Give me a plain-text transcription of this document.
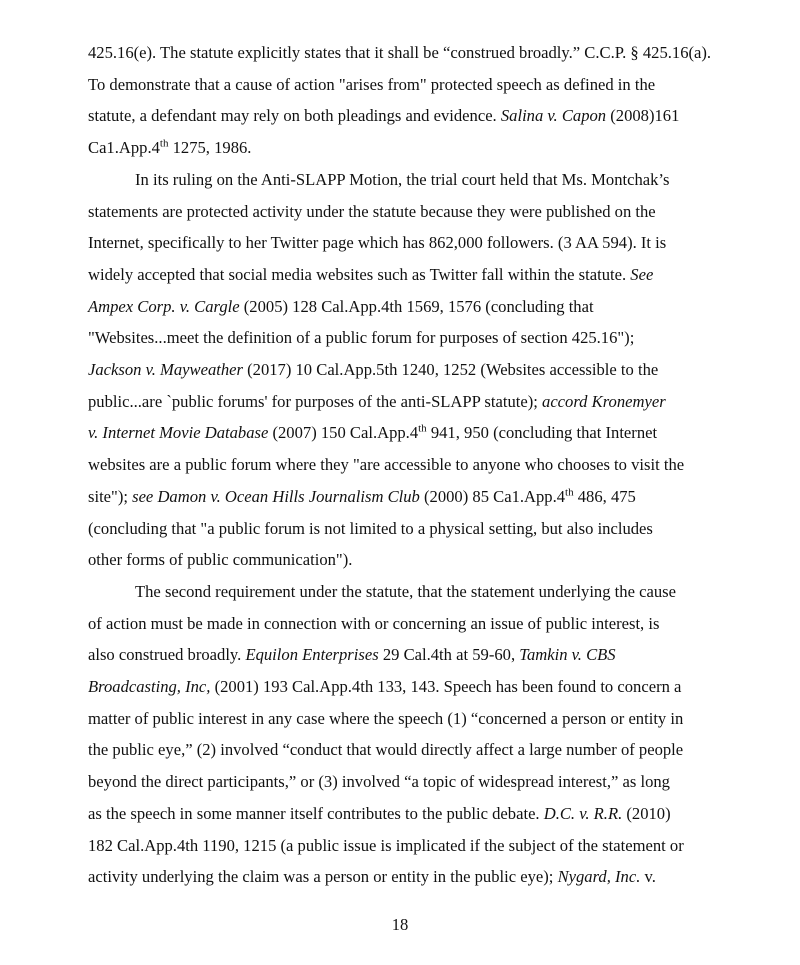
425.16(e). The statute explicitly states that it shall be “construed broadly.” C.C.P. § 425.16(a).
To demonstrate that a cause of action "arises from" protected speech as defined in the
statute, a defendant may rely on both pleadings and evidence. Salina v. Capon (2008)161
Ca1.App.4th 1275, 1986.
In its ruling on the Anti-SLAPP Motion, the trial court held that Ms. Montchak’s
statements are protected activity under the statute because they were published on the
Internet, specifically to her Twitter page which has 862,000 followers. (3 AA 594). It is
widely accepted that social media websites such as Twitter fall within the statute. See
Ampex Corp. v. Cargle (2005) 128 Cal.App.4th 1569, 1576 (concluding that
"Websites...meet the definition of a public forum for purposes of section 425.16");
Jackson v. Mayweather (2017) 10 Cal.App.5th 1240, 1252 (Websites accessible to the
public...are `public forums' for purposes of the anti-SLAPP statute); accord Kronemyer
v. Internet Movie Database (2007) 150 Cal.App.4th 941, 950 (concluding that Internet
websites are a public forum where they "are accessible to anyone who chooses to visit the
site"); see Damon v. Ocean Hills Journalism Club (2000) 85 Ca1.App.4th 486, 475
(concluding that "a public forum is not limited to a physical setting, but also includes
other forms of public communication").
The second requirement under the statute, that the statement underlying the cause
of action must be made in connection with or concerning an issue of public interest, is
also construed broadly. Equilon Enterprises 29 Cal.4th at 59-60, Tamkin v. CBS
Broadcasting, Inc, (2001) 193 Cal.App.4th 133, 143. Speech has been found to concern a
matter of public interest in any case where the speech (1) “concerned a person or entity in
the public eye,” (2) involved “conduct that would directly affect a large number of people
beyond the direct participants,” or (3) involved “a topic of widespread interest,” as long
as the speech in some manner itself contributes to the public debate. D.C. v. R.R. (2010)
182 Cal.App.4th 1190, 1215 (a public issue is implicated if the subject of the statement or
activity underlying the claim was a person or entity in the public eye); Nygard, Inc. v.
18
